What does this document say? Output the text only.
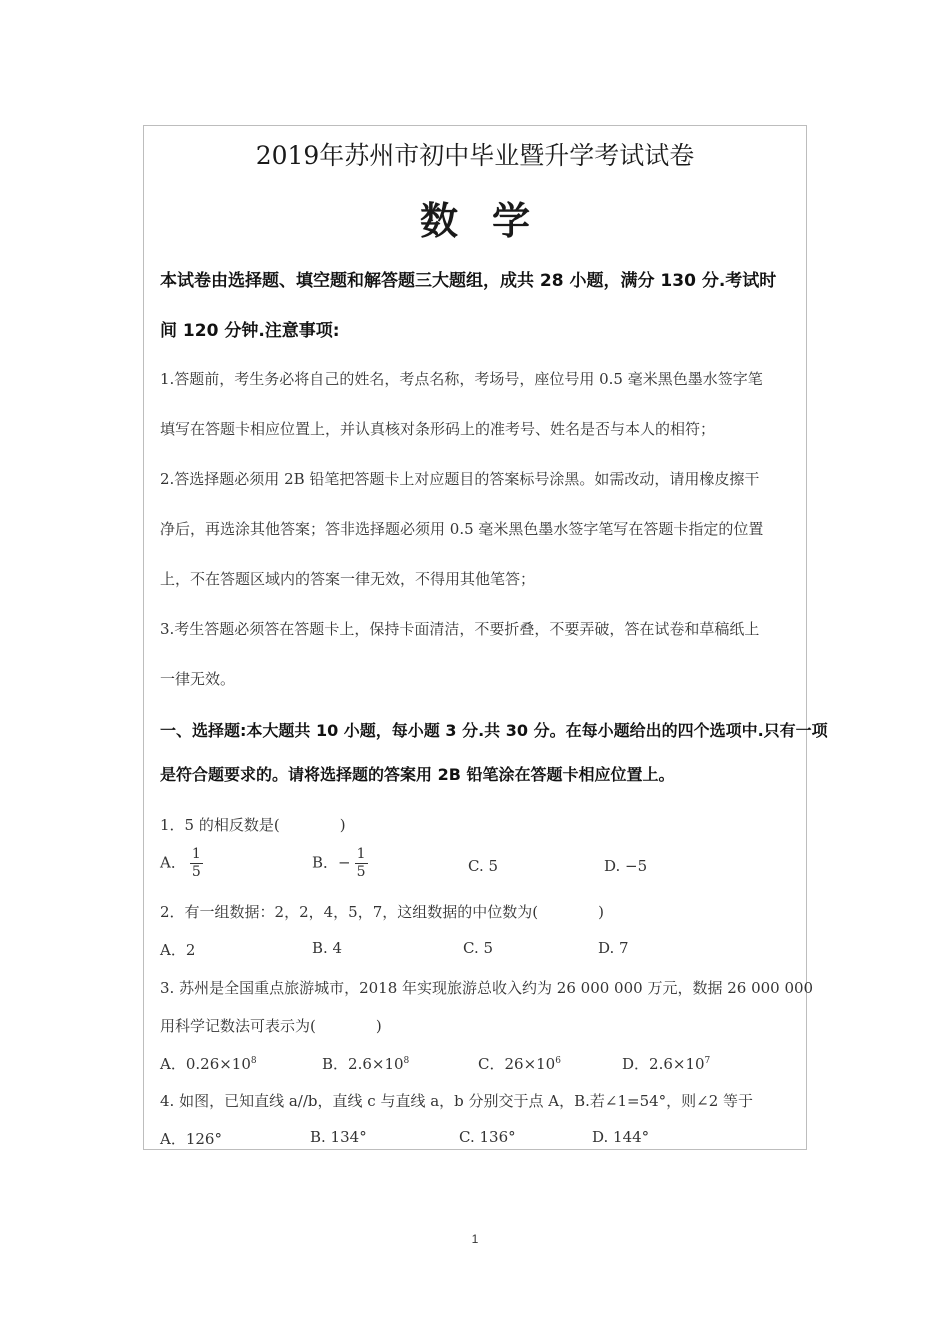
2019年苏州市初中毕业暨升学考试试卷
数学
本试卷由选择题、填空题和解答题三大题组，成共 28 小题，满分 130 分.考试时
间 120 分钟.注意事项:
1.答题前，考生务必将自己的姓名，考点名称，考场号，座位号用 0.5 毫米黑色墨水签字笔
填写在答题卡相应位置上，并认真核对条形码上的准考号、姓名是否与本人的相符；
2.答选择题必须用 2B 铅笔把答题卡上对应题目的答案标号涂黑。如需改动，请用橡皮擦干
净后，再选涂其他答案；答非选择题必须用 0.5 毫米黑色墨水签字笔写在答题卡指定的位置
上，不在答题区域内的答案一律无效，不得用其他笔答；
3.考生答题必须答在答题卡上，保持卡面清洁，不要折叠，不要弄破，答在试卷和草稿纸上
一律无效。
一、选择题:本大题共 10 小题，每小题 3 分.共 30 分。在每小题给出的四个选项中.只有一项
是符合题要求的。请将选择题的答案用 2B 铅笔涂在答题卡相应位置上。
1．5 的相反数是(　　　　)
A． $\frac{1}{5}$	B．− $\frac{1}{5}$	C. 5	D. −5
2．有一组数据：2，2，4，5，7，这组数据的中位数为(　　　　)
A．2	B. 4	C. 5	D. 7
3. 苏州是全国重点旅游城市，2018 年实现旅游总收入约为 26 000 000 万元，数据 26 000 000
用科学记数法可表示为(　　　　)
A．$0.26\times 10^8$	B．$2.6\times 10^8$	C．$26\times 10^6$	D．$2.6\times 10^7$
4. 如图，已知直线 a//b，直线 c 与直线 a，b 分别交于点 A，B.若∠1=54°，则∠2 等于
A．126°	B. 134°	C. 136°	D. 144°
1
